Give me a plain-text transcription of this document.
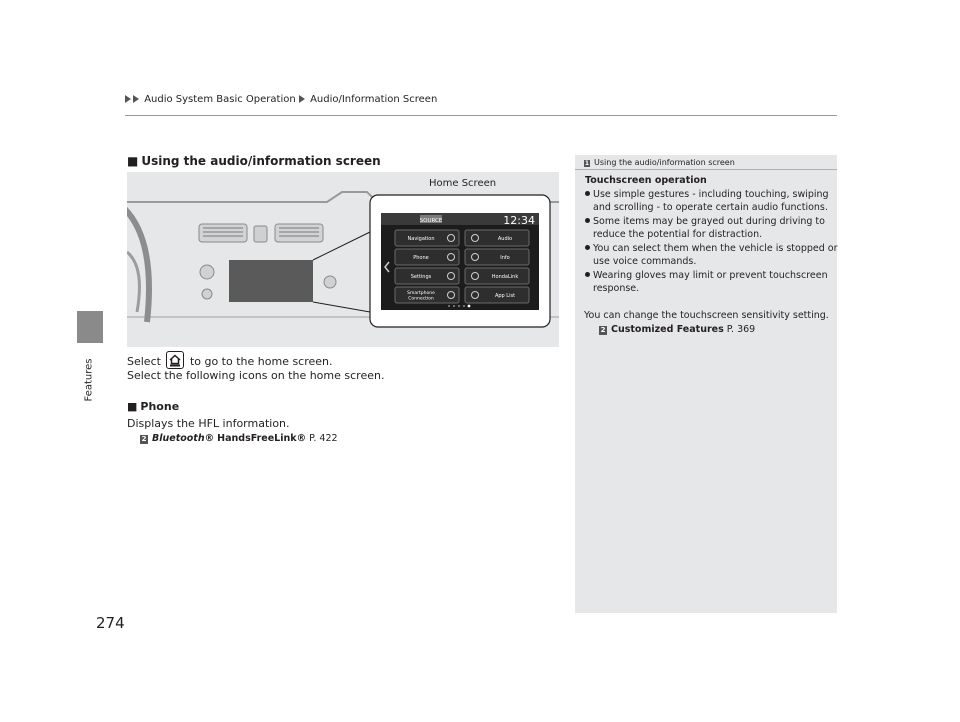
Audio System Basic Operation Audio/Information Screen
Features
274
■ Using the audio/information screen
SOURCE	12:34
Navigation	Audio
Phone	Info
Settings	HondaLink
Smartphone
Connection	App List
Home Screen
Select	to go to the home screen.
Select the following icons on the home screen.
■ Phone
Displays the HFL information.
2 Bluetooth® HandsFreeLink® P. 422
1 Using the audio/information screen
Touchscreen operation
Use simple gestures - including touching, swiping
and scrolling - to operate certain audio functions.
Some items may be grayed out during driving to
reduce the potential for distraction.
You can select them when the vehicle is stopped or
use voice commands.
Wearing gloves may limit or prevent touchscreen
response.
You can change the touchscreen sensitivity setting.
2 Customized Features P. 369
